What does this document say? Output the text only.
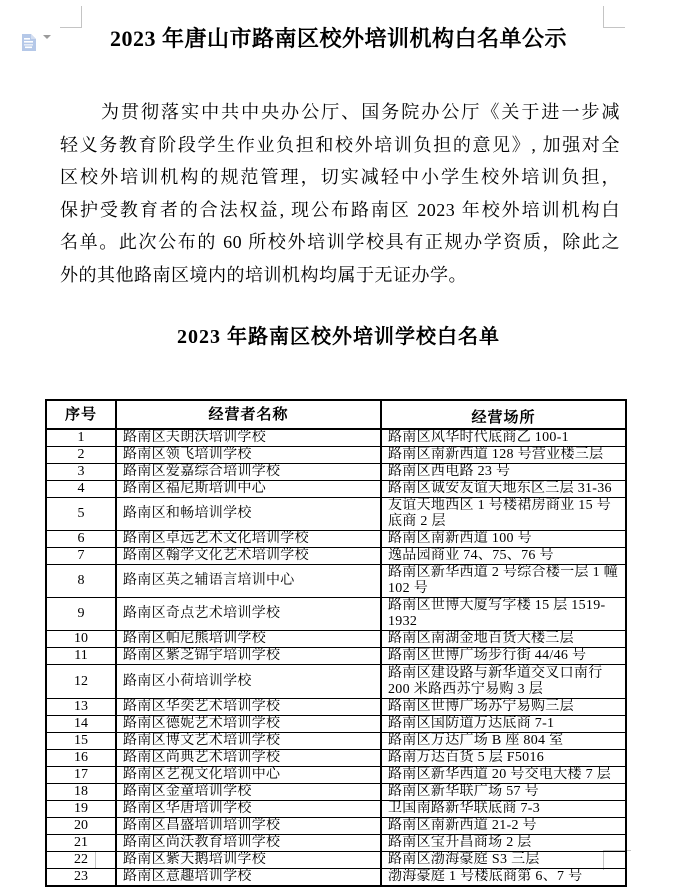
2023 年唐山市路南区校外培训机构白名单公示
为贯彻落实中共中央办公厅、国务院办公厅《关于进一步减
轻义务教育阶段学生作业负担和校外培训负担的意见》, 加强对全
区校外培训机构的规范管理，切实减轻中小学生校外培训负担，
保护受教育者的合法权益, 现公布路南区 2023 年校外培训机构白
名单。此次公布的 60 所校外培训学校具有正规办学资质，除此之
外的其他路南区境内的培训机构均属于无证办学。
2023 年路南区校外培训学校白名单
序号	经营者名称	经营场所
1	路南区夫朗沃培训学校	路南区风华时代底商乙 100-1
2	路南区领飞培训学校	路南区南新西道 128 号营业楼三层
3	路南区爱嘉综合培训学校	路南区西电路 23 号
4	路南区福尼斯培训中心	路南区诚安友谊天地东区三层 31-36
5	路南区和畅培训学校	友谊天地西区 1 号楼裙房商业 15 号底商 2 层
6	路南区卓远艺术文化培训学校	路南区南新西道 100 号
7	路南区翰学文化艺术培训学校	逸品园商业 74、75、76 号
8	路南区英之辅语言培训中心	路南区新华西道 2 号综合楼一层 1 幢 102 号
9	路南区奇点艺术培训学校	路南区世博大厦写字楼 15 层 1519-1932
10	路南区帕尼熊培训学校	路南区南湖金地百货大楼三层
11	路南区紫芝锦宇培训学校	路南区世博广场步行街 44/46 号
12	路南区小荷培训学校	路南区建设路与新华道交叉口南行 200 米路西苏宁易购 3 层
13	路南区华奕艺术培训学校	路南区世博广场苏宁易购三层
14	路南区德妮艺术培训学校	路南区国防道万达底商 7-1
15	路南区博文艺术培训学校	路南区万达广场 B 座 804 室
16	路南区尚典艺术培训学校	路南万达百货 5 层 F5016
17	路南区艺视文化培训中心	路南区新华西道 20 号交电大楼 7 层
18	路南区金童培训学校	路南区新华联广场 57 号
19	路南区华唐培训学校	卫国南路新华联底商 7-3
20	路南区昌盛培训培训学校	路南区南新西道 21-2 号
21	路南区尚沃教育培训学校	路南区宝升昌商场 2 层
22	路南区紫天鹅培训学校	路南区渤海豪庭 S3 三层
23	路南区意趣培训学校	渤海豪庭 1 号楼底商第 6、7 号
